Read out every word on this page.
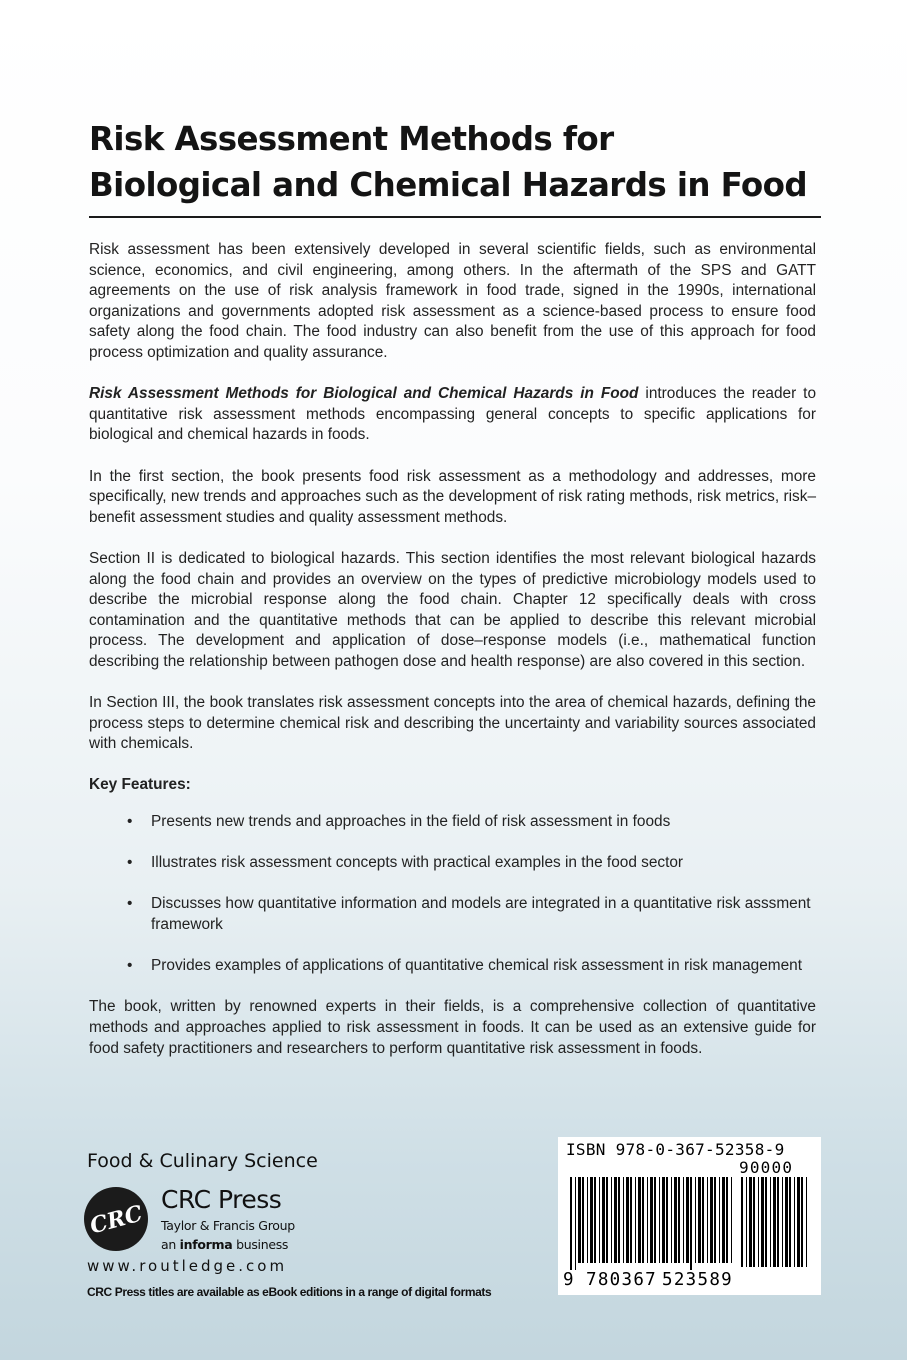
Risk Assessment Methods for
Biological and Chemical Hazards in Food

Risk assessment has been extensively developed in several scientific fields, such as environmental science, economics, and civil engineering, among others. In the aftermath of the SPS and GATT agreements on the use of risk analysis framework in food trade, signed in the 1990s, international organizations and governments adopted risk assessment as a science-based process to ensure food safety along the food chain. The food industry can also benefit from the use of this approach for food process optimization and quality assurance.

Risk Assessment Methods for Biological and Chemical Hazards in Food introduces the reader to quantitative risk assessment methods encompassing general concepts to specific applications for biological and chemical hazards in foods.

In the first section, the book presents food risk assessment as a methodology and addresses, more specifically, new trends and approaches such as the development of risk rating methods, risk metrics, risk–benefit assessment studies and quality assessment methods.

Section II is dedicated to biological hazards. This section identifies the most relevant biological hazards along the food chain and provides an overview on the types of predictive microbiology models used to describe the microbial response along the food chain. Chapter 12 specifically deals with cross contamination and the quantitative methods that can be applied to describe this relevant microbial process. The development and application of dose–response models (i.e., mathematical function describing the relationship between pathogen dose and health response) are also covered in this section.

In Section III, the book translates risk assessment concepts into the area of chemical hazards, defining the process steps to determine chemical risk and describing the uncertainty and variability sources associated with chemicals.

Key Features:

• Presents new trends and approaches in the field of risk assessment in foods
• Illustrates risk assessment concepts with practical examples in the food sector
• Discusses how quantitative information and models are integrated in a quantitative risk asssment framework
• Provides examples of applications of quantitative chemical risk assessment in risk management

The book, written by renowned experts in their fields, is a comprehensive collection of quantitative methods and approaches applied to risk assessment in foods. It can be used as an extensive guide for food safety practitioners and researchers to perform quantitative risk assessment in foods.

Food & Culinary Science
CRC
CRC Press
Taylor & Francis Group
an informa business
www.routledge.com
CRC Press titles are available as eBook editions in a range of digital formats
ISBN 978-0-367-52358-9
90000
9 780367 523589
